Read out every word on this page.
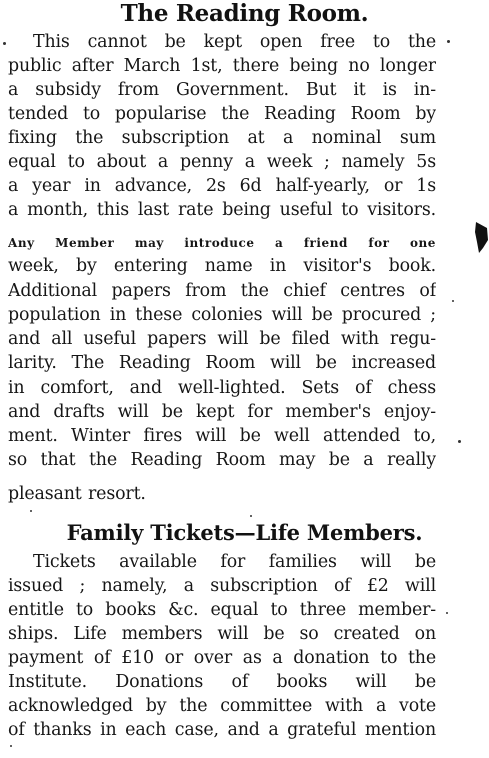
The Reading Room.
This cannot be kept open free to the
public after March 1st, there being no longer
a subsidy from Government. But it is in-
tended to popularise the Reading Room by
fixing the subscription at a nominal sum
equal to about a penny a week ; namely 5s
a year in advance, 2s 6d half-yearly, or 1s
a month, this last rate being useful to visitors.
Any Member may introduce a friend for one
week, by entering name in visitor's book.
Additional papers from the chief centres of
population in these colonies will be procured ;
and all useful papers will be filed with regu-
larity. The Reading Room will be increased
in comfort, and well-lighted. Sets of chess
and drafts will be kept for member's enjoy-
ment. Winter fires will be well attended to,
so that the Reading Room may be a really
pleasant resort.
Family Tickets—Life Members.
Tickets available for families will be
issued ; namely, a subscription of £2 will
entitle to books &c. equal to three member-
ships. Life members will be so created on
payment of £10 or over as a donation to the
Institute. Donations of books will be
acknowledged by the committee with a vote
of thanks in each case, and a grateful mention
